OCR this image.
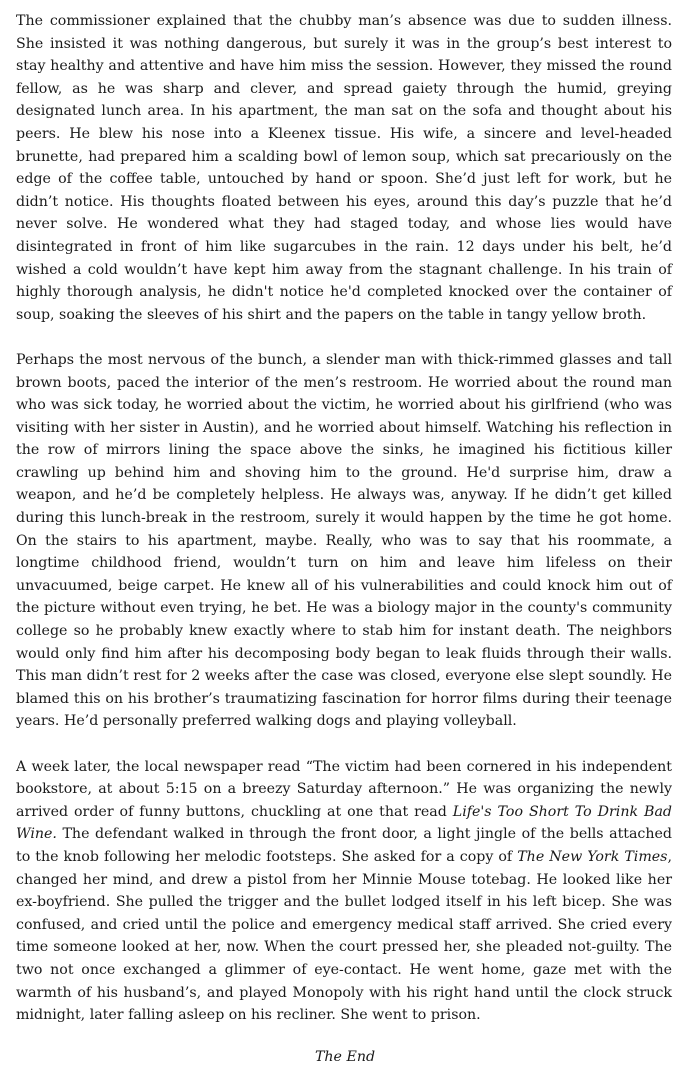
The commissioner explained that the chubby man’s absence was due to sudden illness. She insisted it was nothing dangerous, but surely it was in the group’s best interest to stay healthy and attentive and have him miss the session. However, they missed the round fellow, as he was sharp and clever, and spread gaiety through the humid, greying designated lunch area. In his apartment, the man sat on the sofa and thought about his peers. He blew his nose into a Kleenex tissue. His wife, a sincere and level-headed brunette, had prepared him a scalding bowl of lemon soup, which sat precariously on the edge of the coffee table, untouched by hand or spoon. She’d just left for work, but he didn’t notice. His thoughts floated between his eyes, around this day’s puzzle that he’d never solve. He wondered what they had staged today, and whose lies would have disintegrated in front of him like sugarcubes in the rain. 12 days under his belt, he’d wished a cold wouldn’t have kept him away from the stagnant challenge. In his train of highly thorough analysis, he didn't notice he'd completed knocked over the container of soup, soaking the sleeves of his shirt and the papers on the table in tangy yellow broth.

Perhaps the most nervous of the bunch, a slender man with thick-rimmed glasses and tall brown boots, paced the interior of the men’s restroom. He worried about the round man who was sick today, he worried about the victim, he worried about his girlfriend (who was visiting with her sister in Austin), and he worried about himself. Watching his reflection in the row of mirrors lining the space above the sinks, he imagined his fictitious killer crawling up behind him and shoving him to the ground. He'd surprise him, draw a weapon, and he’d be completely helpless. He always was, anyway. If he didn’t get killed during this lunch-break in the restroom, surely it would happen by the time he got home. On the stairs to his apartment, maybe. Really, who was to say that his roommate, a longtime childhood friend, wouldn’t turn on him and leave him lifeless on their unvacuumed, beige carpet. He knew all of his vulnerabilities and could knock him out of the picture without even trying, he bet. He was a biology major in the county's community college so he probably knew exactly where to stab him for instant death. The neighbors would only find him after his decomposing body began to leak fluids through their walls. This man didn’t rest for 2 weeks after the case was closed, everyone else slept soundly. He blamed this on his brother’s traumatizing fascination for horror films during their teenage years. He’d personally preferred walking dogs and playing volleyball.

A week later, the local newspaper read “The victim had been cornered in his independent bookstore, at about 5:15 on a breezy Saturday afternoon.” He was organizing the newly arrived order of funny buttons, chuckling at one that read Life's Too Short To Drink Bad Wine. The defendant walked in through the front door, a light jingle of the bells attached to the knob following her melodic footsteps. She asked for a copy of The New York Times, changed her mind, and drew a pistol from her Minnie Mouse totebag. He looked like her ex-boyfriend. She pulled the trigger and the bullet lodged itself in his left bicep. She was confused, and cried until the police and emergency medical staff arrived. She cried every time someone looked at her, now. When the court pressed her, she pleaded not-guilty. The two not once exchanged a glimmer of eye-contact. He went home, gaze met with the warmth of his husband’s, and played Monopoly with his right hand until the clock struck midnight, later falling asleep on his recliner. She went to prison.

The End
